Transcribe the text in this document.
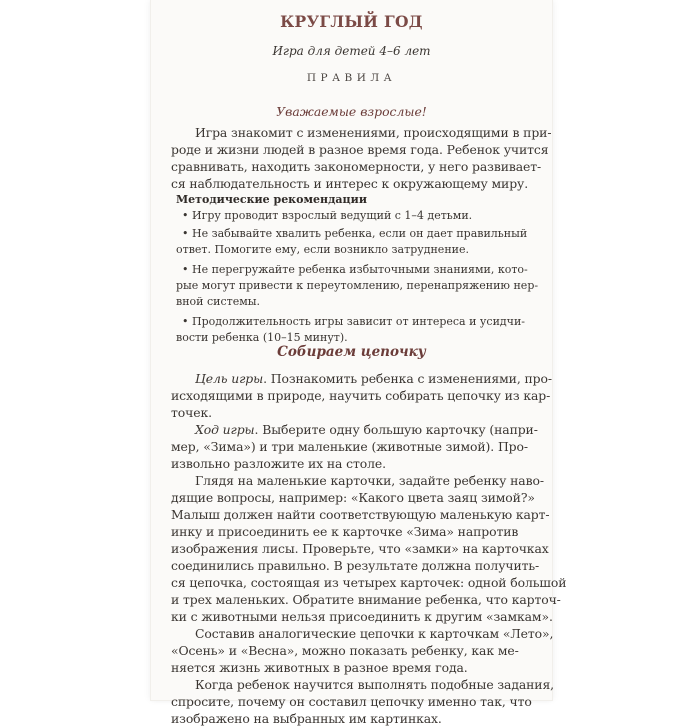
КРУГЛЫЙ ГОД
Игра для детей 4–6 лет
ПРАВИЛА
Уважаемые взрослые!
Игра знакомит с изменениями, происходящими в при-
роде и жизни людей в разное время года. Ребенок учится
сравнивать, находить закономерности, у него развивает-
ся наблюдательность и интерес к окружающему миру.
Методические рекомендации
• Игру проводит взрослый ведущий с 1–4 детьми.
• Не забывайте хвалить ребенка, если он дает правильный
ответ. Помогите ему, если возникло затруднение.
• Не перегружайте ребенка избыточными знаниями, кото-
рые могут привести к переутомлению, перенапряжению нер-
вной системы.
• Продолжительность игры зависит от интереса и усидчи-
вости ребенка (10–15 минут).
Собираем цепочку
Цель игры. Познакомить ребенка с изменениями, про-
исходящими в природе, научить собирать цепочку из кар-
точек.
Ход игры. Выберите одну большую карточку (напри-
мер, «Зима») и три маленькие (животные зимой). Про-
извольно разложите их на столе.
Глядя на маленькие карточки, задайте ребенку наво-
дящие вопросы, например: «Какого цвета заяц зимой?»
Малыш должен найти соответствующую маленькую карт-
инку и присоединить ее к карточке «Зима» напротив
изображения лисы. Проверьте, что «замки» на карточках
соединились правильно. В результате должна получить-
ся цепочка, состоящая из четырех карточек: одной большой
и трех маленьких. Обратите внимание ребенка, что карточ-
ки с животными нельзя присоединить к другим «замкам».
Составив аналогические цепочки к карточкам «Лето»,
«Осень» и «Весна», можно показать ребенку, как ме-
няется жизнь животных в разное время года.
Когда ребенок научится выполнять подобные задания,
спросите, почему он составил цепочку именно так, что
изображено на выбранных им картинках.
